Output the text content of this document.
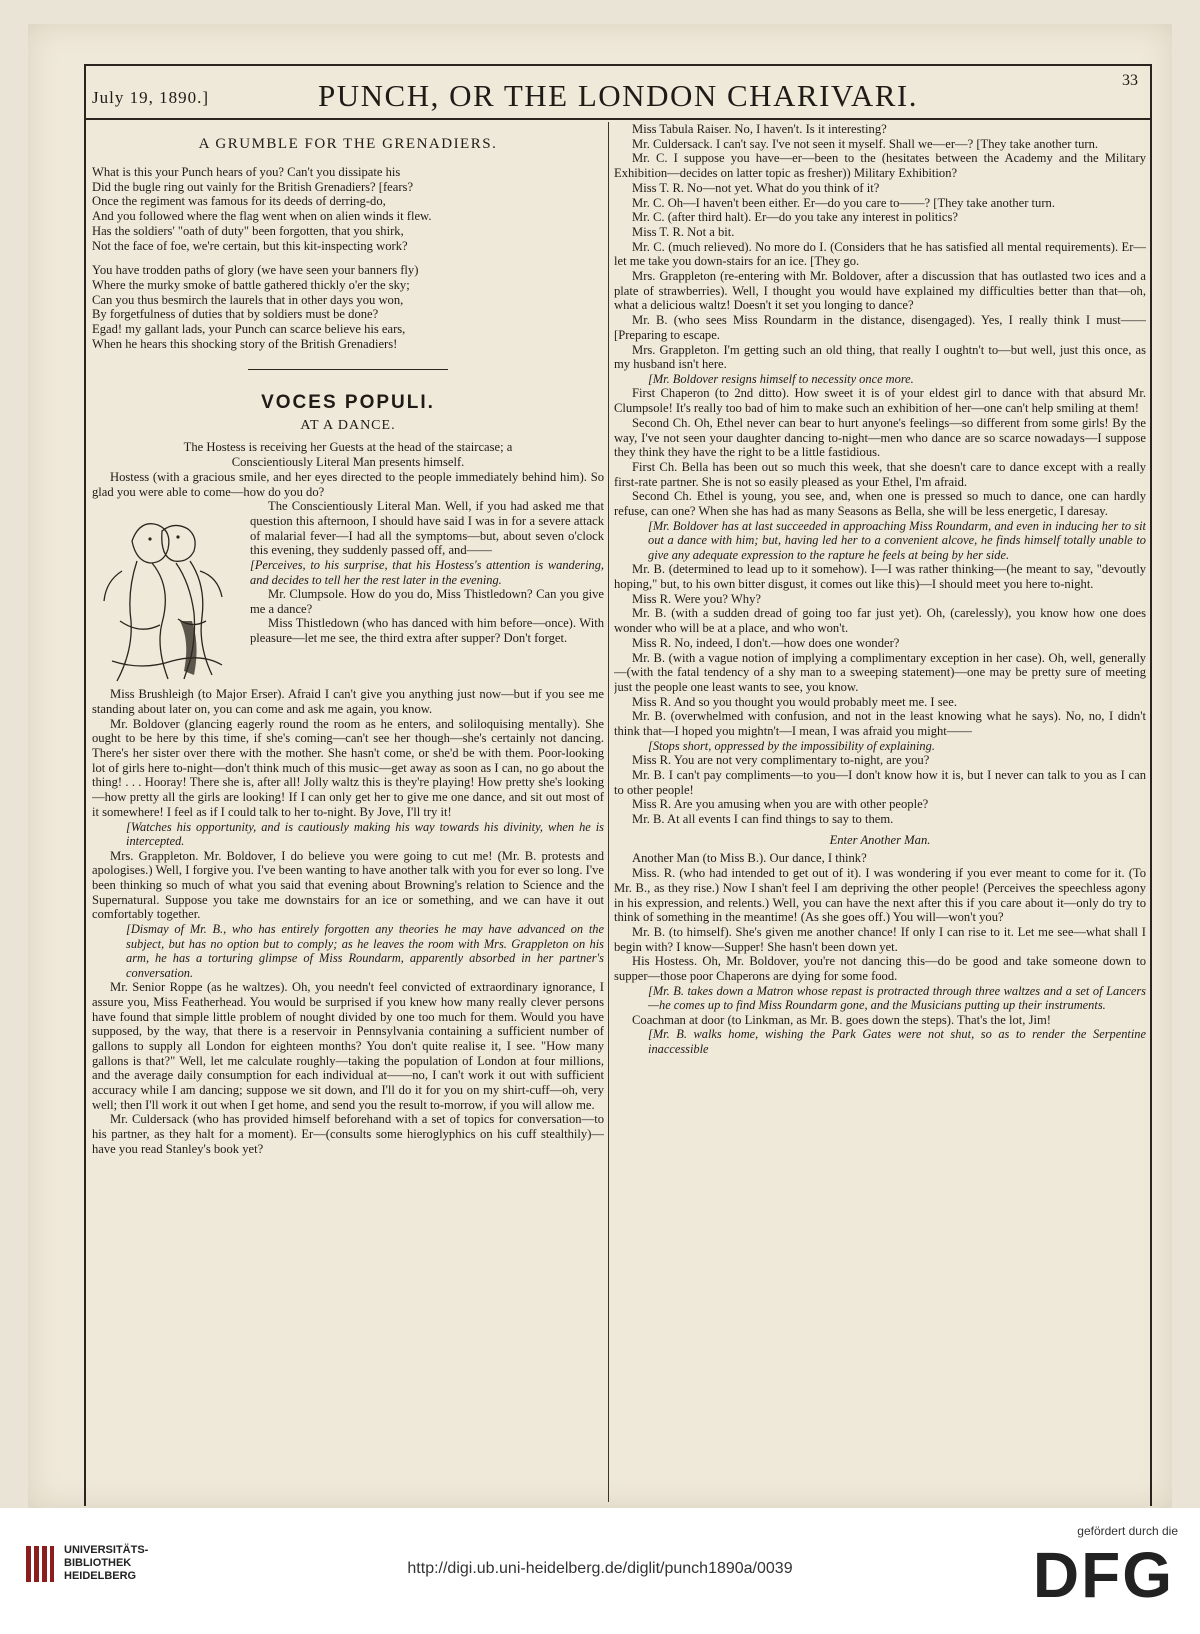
July 19, 1890.]	PUNCH, OR THE LONDON CHARIVARI.	33
A GRUMBLE FOR THE GRENADIERS.

What is this your Punch hears of you? Can't you dissipate his

Did the bugle ring out vainly for the British Grenadiers? [fears?

Once the regiment was famous for its deeds of derring-do,

And you followed where the flag went when on alien winds it flew.

Has the soldiers' "oath of duty" been forgotten, that you shirk,

Not the face of foe, we're certain, but this kit-inspecting work?

You have trodden paths of glory (we have seen your banners fly)

Where the murky smoke of battle gathered thickly o'er the sky;

Can you thus besmirch the laurels that in other days you won,

By forgetfulness of duties that by soldiers must be done?

Egad! my gallant lads, your Punch can scarce believe his ears,

When he hears this shocking story of the British Grenadiers!

VOCES POPULI.
AT A DANCE.

The Hostess is receiving her Guests at the head of the staircase; a

Conscientiously Literal Man presents himself.

Hostess (with a gracious smile, and her eyes directed to the people immediately behind him). So glad you were able to come—how do you do?

The Conscientiously Literal Man. Well, if you had asked me that question this afternoon, I should have said I was in for a severe attack of malarial fever—I had all the symptoms—but, about seven o'clock this evening, they suddenly passed off, and——

[Perceives, to his surprise, that his Hostess's attention is wandering, and decides to tell her the rest later in the evening.

Mr. Clumpsole. How do you do, Miss Thistledown? Can you give me a dance?

Miss Thistledown (who has danced with him before—once). With pleasure—let me see, the third extra after supper? Don't forget.

Miss Brushleigh (to Major Erser). Afraid I can't give you anything just now—but if you see me standing about later on, you can come and ask me again, you know.

Mr. Boldover (glancing eagerly round the room as he enters, and soliloquising mentally). She ought to be here by this time, if she's coming—can't see her though—she's certainly not dancing. There's her sister over there with the mother. She hasn't come, or she'd be with them. Poor-looking lot of girls here to-night—don't think much of this music—get away as soon as I can, no go about the thing! . . . Hooray! There she is, after all! Jolly waltz this is they're playing! How pretty she's looking—how pretty all the girls are looking! If I can only get her to give me one dance, and sit out most of it somewhere! I feel as if I could talk to her to-night. By Jove, I'll try it!

[Watches his opportunity, and is cautiously making his way towards his divinity, when he is intercepted.

Mrs. Grappleton. Mr. Boldover, I do believe you were going to cut me! (Mr. B. protests and apologises.) Well, I forgive you. I've been wanting to have another talk with you for ever so long. I've been thinking so much of what you said that evening about Browning's relation to Science and the Supernatural. Suppose you take me downstairs for an ice or something, and we can have it out comfortably together.

[Dismay of Mr. B., who has entirely forgotten any theories he may have advanced on the subject, but has no option but to comply; as he leaves the room with Mrs. Grappleton on his arm, he has a torturing glimpse of Miss Roundarm, apparently absorbed in her partner's conversation.

Mr. Senior Roppe (as he waltzes). Oh, you needn't feel convicted of extraordinary ignorance, I assure you, Miss Featherhead. You would be surprised if you knew how many really clever persons have found that simple little problem of nought divided by one too much for them. Would you have supposed, by the way, that there is a reservoir in Pennsylvania containing a sufficient number of gallons to supply all London for eighteen months? You don't quite realise it, I see. "How many gallons is that?" Well, let me calculate roughly—taking the population of London at four millions, and the average daily consumption for each individual at——no, I can't work it out with sufficient accuracy while I am dancing; suppose we sit down, and I'll do it for you on my shirt-cuff—oh, very well; then I'll work it out when I get home, and send you the result to-morrow, if you will allow me.

Mr. Culdersack (who has provided himself beforehand with a set of topics for conversation—to his partner, as they halt for a moment). Er—(consults some hieroglyphics on his cuff stealthily)—have you read Stanley's book yet?

Miss Tabula Raiser. No, I haven't. Is it interesting?

Mr. Culdersack. I can't say. I've not seen it myself. Shall we—er—? [They take another turn.

Mr. C. I suppose you have—er—been to the (hesitates between the Academy and the Military Exhibition—decides on latter topic as fresher)) Military Exhibition?

Miss T. R. No—not yet. What do you think of it?

Mr. C. Oh—I haven't been either. Er—do you care to——? [They take another turn.

Mr. C. (after third halt). Er—do you take any interest in politics?

Miss T. R. Not a bit.

Mr. C. (much relieved). No more do I. (Considers that he has satisfied all mental requirements). Er—let me take you down-stairs for an ice. [They go.

Mrs. Grappleton (re-entering with Mr. Boldover, after a discussion that has outlasted two ices and a plate of strawberries). Well, I thought you would have explained my difficulties better than that—oh, what a delicious waltz! Doesn't it set you longing to dance?

Mr. B. (who sees Miss Roundarm in the distance, disengaged). Yes, I really think I must—— [Preparing to escape.

Mrs. Grappleton. I'm getting such an old thing, that really I oughtn't to—but well, just this once, as my husband isn't here.

[Mr. Boldover resigns himself to necessity once more.

First Chaperon (to 2nd ditto). How sweet it is of your eldest girl to dance with that absurd Mr. Clumpsole! It's really too bad of him to make such an exhibition of her—one can't help smiling at them!

Second Ch. Oh, Ethel never can bear to hurt anyone's feelings—so different from some girls! By the way, I've not seen your daughter dancing to-night—men who dance are so scarce nowadays—I suppose they think they have the right to be a little fastidious.

First Ch. Bella has been out so much this week, that she doesn't care to dance except with a really first-rate partner. She is not so easily pleased as your Ethel, I'm afraid.

Second Ch. Ethel is young, you see, and, when one is pressed so much to dance, one can hardly refuse, can one? When she has had as many Seasons as Bella, she will be less energetic, I daresay.

[Mr. Boldover has at last succeeded in approaching Miss Roundarm, and even in inducing her to sit out a dance with him; but, having led her to a convenient alcove, he finds himself totally unable to give any adequate expression to the rapture he feels at being by her side.

Mr. B. (determined to lead up to it somehow). I—I was rather thinking—(he meant to say, "devoutly hoping," but, to his own bitter disgust, it comes out like this)—I should meet you here to-night.

Miss R. Were you? Why?

Mr. B. (with a sudden dread of going too far just yet). Oh, (carelessly), you know how one does wonder who will be at a place, and who won't.

Miss R. No, indeed, I don't.—how does one wonder?

Mr. B. (with a vague notion of implying a complimentary exception in her case). Oh, well, generally—(with the fatal tendency of a shy man to a sweeping statement)—one may be pretty sure of meeting just the people one least wants to see, you know.

Miss R. And so you thought you would probably meet me. I see.

Mr. B. (overwhelmed with confusion, and not in the least knowing what he says). No, no, I didn't think that—I hoped you mightn't—I mean, I was afraid you might——

[Stops short, oppressed by the impossibility of explaining.

Miss R. You are not very complimentary to-night, are you?

Mr. B. I can't pay compliments—to you—I don't know how it is, but I never can talk to you as I can to other people!

Miss R. Are you amusing when you are with other people?

Mr. B. At all events I can find things to say to them.

Enter Another Man.

Another Man (to Miss B.). Our dance, I think?

Miss. R. (who had intended to get out of it). I was wondering if you ever meant to come for it. (To Mr. B., as they rise.) Now I shan't feel I am depriving the other people! (Perceives the speechless agony in his expression, and relents.) Well, you can have the next after this if you care about it—only do try to think of something in the meantime! (As she goes off.) You will—won't you?

Mr. B. (to himself). She's given me another chance! If only I can rise to it. Let me see—what shall I begin with? I know—Supper! She hasn't been down yet.

His Hostess. Oh, Mr. Boldover, you're not dancing this—do be good and take someone down to supper—those poor Chaperons are dying for some food.

[Mr. B. takes down a Matron whose repast is protracted through three waltzes and a set of Lancers—he comes up to find Miss Roundarm gone, and the Musicians putting up their instruments.

Coachman at door (to Linkman, as Mr. B. goes down the steps). That's the lot, Jim!

[Mr. B. walks home, wishing the Park Gates were not shut, so as to render the Serpentine inaccessible

UNIVERSITÄTS-
BIBLIOTHEK
HEIDELBERG	http://digi.ub.uni-heidelberg.de/diglit/punch1890a/0039
gefördert durch die
DFG
